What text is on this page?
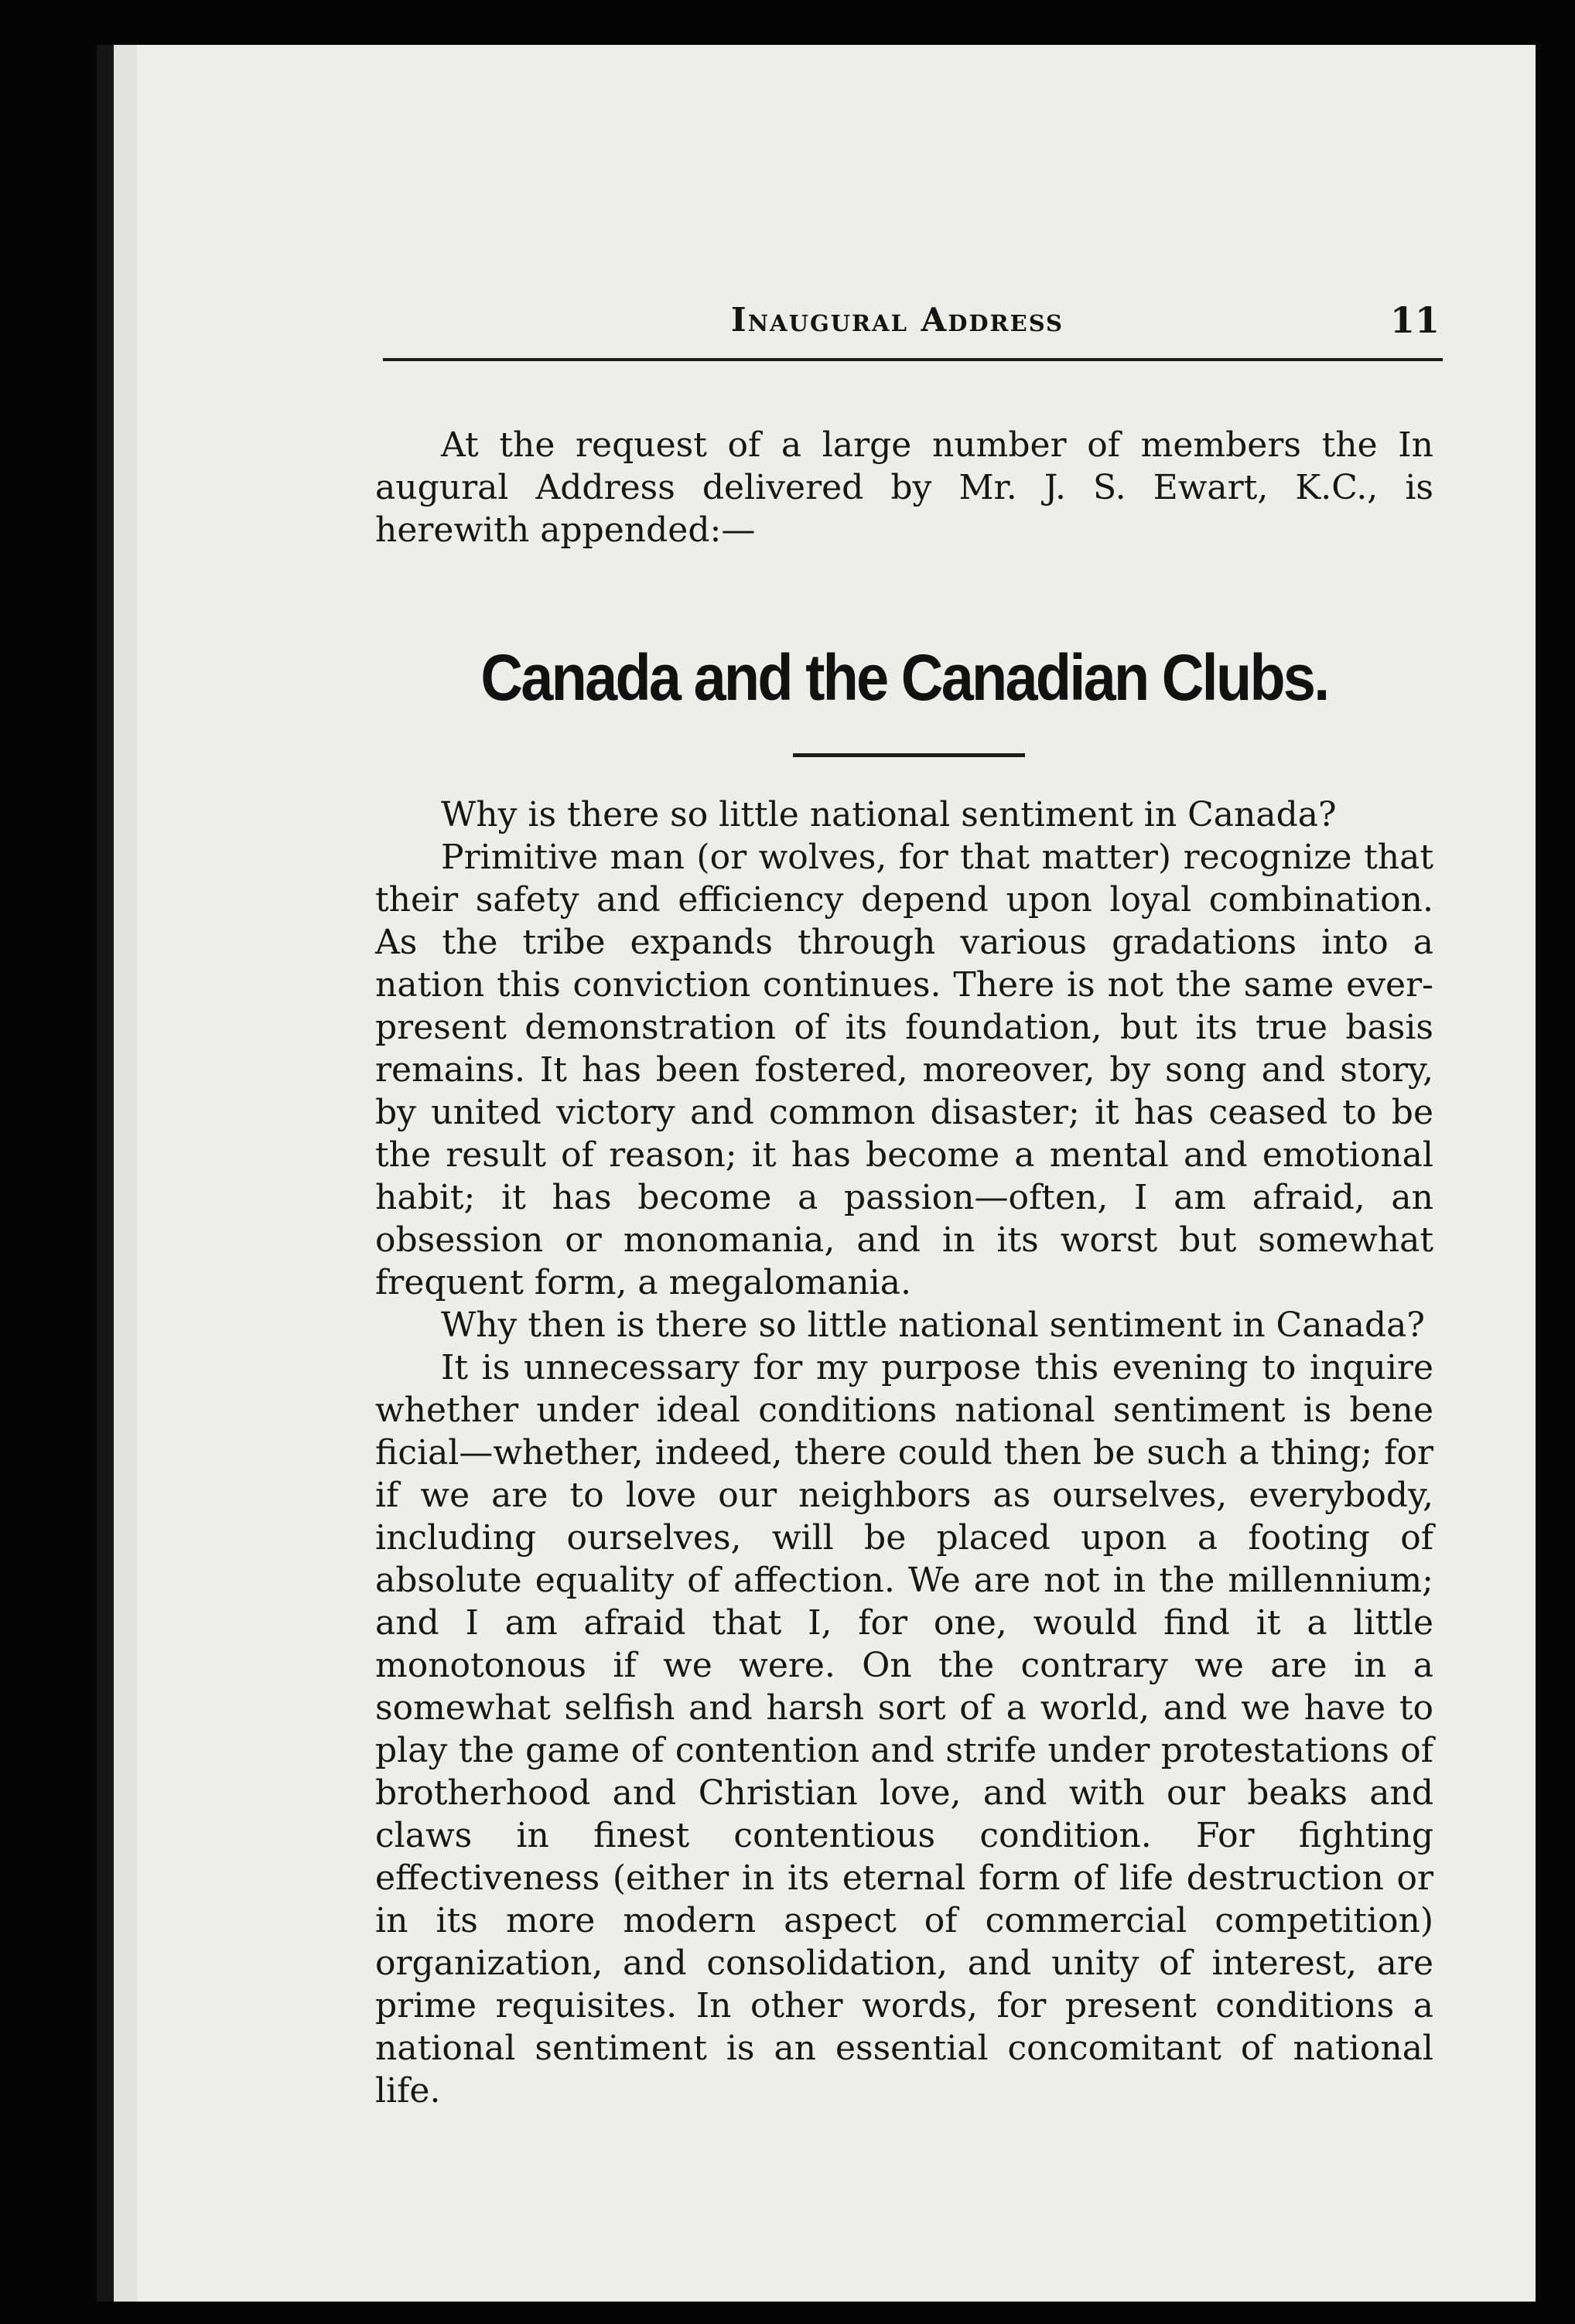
Inaugural Address	11
At the request of a large number of members the In augural Address delivered by Mr. J. S. Ewart, K.C., is herewith appended:—
Canada and the Canadian Clubs.

Why is there so little national sentiment in Canada?

Primitive man (or wolves, for that matter) recognize that their safety and efficiency depend upon loyal combination. As the tribe expands through various gradations into a nation this conviction continues. There is not the same ever-present demonstration of its foundation, but its true basis remains. It has been fostered, moreover, by song and story, by united victory and common disaster; it has ceased to be the result of reason; it has become a mental and emotional habit; it has become a passion—often, I am afraid, an obsession or monomania, and in its worst but somewhat frequent form, a megalomania.

Why then is there so little national sentiment in Canada?

It is unnecessary for my purpose this evening to inquire whether under ideal conditions national sentiment is bene ficial—whether, indeed, there could then be such a thing; for if we are to love our neighbors as ourselves, everybody, including ourselves, will be placed upon a footing of absolute equality of affection. We are not in the millennium; and I am afraid that I, for one, would find it a little monotonous if we were. On the contrary we are in a somewhat selfish and harsh sort of a world, and we have to play the game of contention and strife under protestations of brotherhood and Christian love, and with our beaks and claws in finest contentious condition. For fighting effectiveness (either in its eternal form of life destruction or in its more modern aspect of commercial competition) organization, and consolidation, and unity of interest, are prime requisites. In other words, for present conditions a national sentiment is an essential concomitant of national life.
